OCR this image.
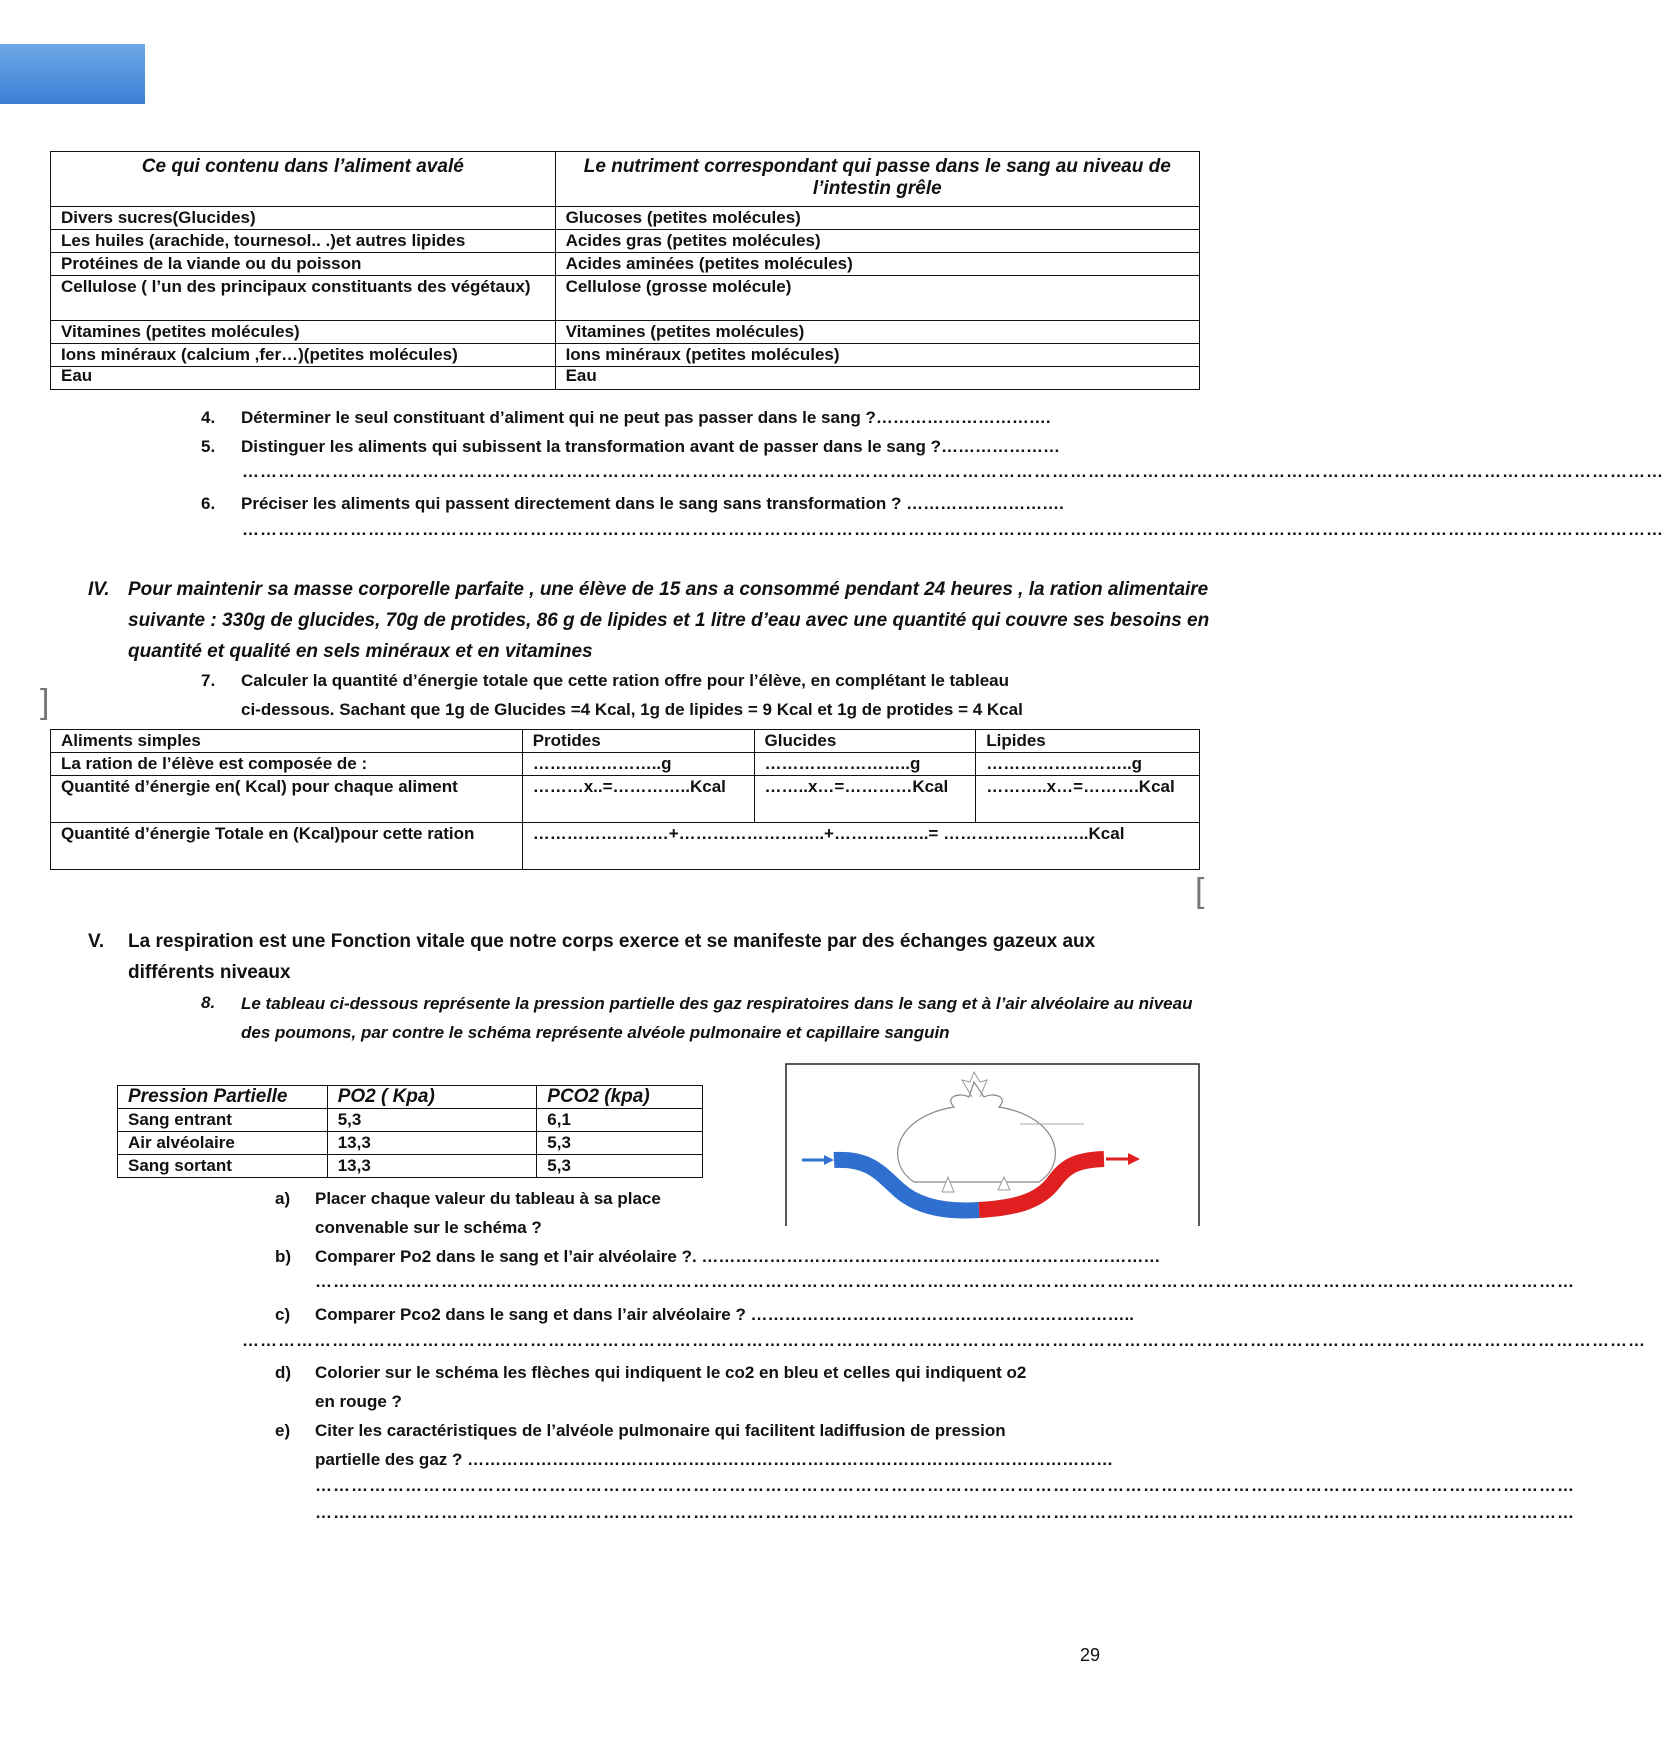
]
[
Ce qui contenu dans l’aliment avalé	Le nutriment correspondant qui passe dans le sang au niveau de l’intestin grêle
Divers sucres(Glucides)	Glucoses (petites molécules)
Les huiles (arachide, tournesol.. .)et autres lipides	Acides gras (petites molécules)
Protéines de la viande ou du poisson	Acides aminées (petites molécules)
Cellulose ( l’un des principaux constituants des végétaux)	Cellulose (grosse molécule)
Vitamines (petites molécules)	Vitamines (petites molécules)
Ions minéraux (calcium ,fer…)(petites molécules)	Ions minéraux (petites molécules)
Eau	Eau
4. Déterminer le seul constituant d’aliment qui ne peut pas passer dans le sang ?………………………….
5. Distinguer les aliments qui subissent la transformation avant de passer dans le sang ?…………………
…………………………………………………………………………………………………………………………………………………………………………………………………………………
6. Préciser les aliments qui passent directement dans le sang sans transformation ? ……………………….
…………………………………………………………………………………………………………………………………………………………………………………………………………………
IV. Pour maintenir sa masse corporelle parfaite , une élève de 15 ans a consommé pendant 24 heures , la ration alimentaire suivante : 330g de glucides, 70g de protides, 86 g de lipides et 1 litre d’eau avec une quantité qui couvre ses besoins en quantité et qualité en sels minéraux et en vitamines
7. Calculer la quantité d’énergie totale que cette ration offre pour l’élève, en complétant le tableau
ci-dessous. Sachant que 1g de Glucides =4 Kcal, 1g de lipides = 9 Kcal et 1g de protides = 4 Kcal
Aliments simples	Protides	Glucides	Lipides
La ration de l’élève est composée de :	…………………..g	……………………..g	……………………..g
Quantité d’énergie en( Kcal) pour chaque aliment	………x..=…………..Kcal	……..x…=…………Kcal	………..x…=……….Kcal
Quantité d’énergie Totale en (Kcal)pour cette ration	……………………+……………………..+……………..= ……………………..Kcal		
V. La respiration est une Fonction vitale que notre corps exerce et se manifeste par des échanges gazeux aux différents niveaux
8. Le tableau ci-dessous représente la pression partielle des gaz respiratoires dans le sang et à l’air alvéolaire au niveau des poumons, par contre le schéma représente alvéole pulmonaire et capillaire sanguin
Pression Partielle	PO2 ( Kpa)	PCO2 (kpa)
Sang entrant	5,3	6,1
Air alvéolaire	13,3	5,3
Sang sortant	13,3	5,3
a) Placer chaque valeur du tableau à sa place
convenable sur le schéma ?
b) Comparer Po2 dans le sang et l’air alvéolaire ?. ………………………………………………………………………
…………………………………………………………………………………………………………………………………………………………………………………………
c) Comparer Pco2 dans le sang et dans l’air alvéolaire ? …………………………………………………………..
………………………………………………………………………………………………………………………………………………………………………………………………………………
d) Colorier sur le schéma les flèches qui indiquent le co2 en bleu et celles qui indiquent o2
en rouge ?
e) Citer les caractéristiques de l’alvéole pulmonaire qui facilitent ladiffusion de pression
partielle des gaz ? ……………………………………………………………………………………………………
…………………………………………………………………………………………………………………………………………………………………………………………
…………………………………………………………………………………………………………………………………………………………………………………………
29
